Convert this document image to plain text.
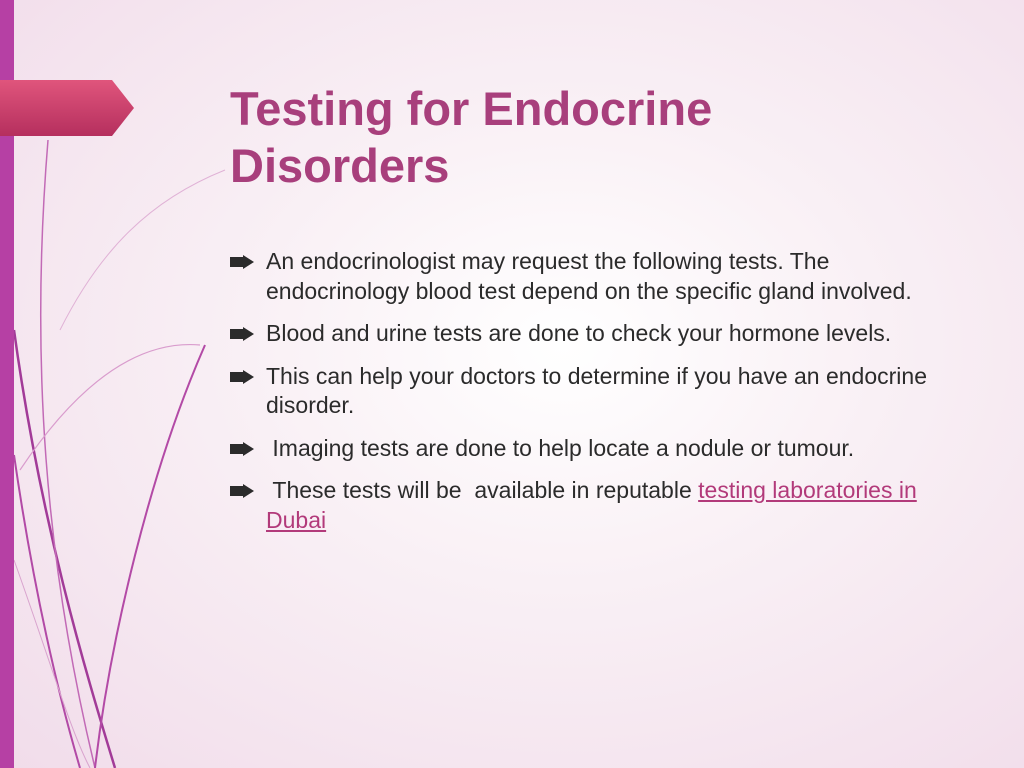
Testing for Endocrine Disorders
An endocrinologist may request the following tests. The endocrinology blood test depend on the specific gland involved.
Blood and urine tests are done to check your hormone levels.
This can help your doctors to determine if you have an endocrine disorder.
Imaging tests are done to help locate a nodule or tumour.
These tests will be  available in reputable testing laboratories in Dubai
